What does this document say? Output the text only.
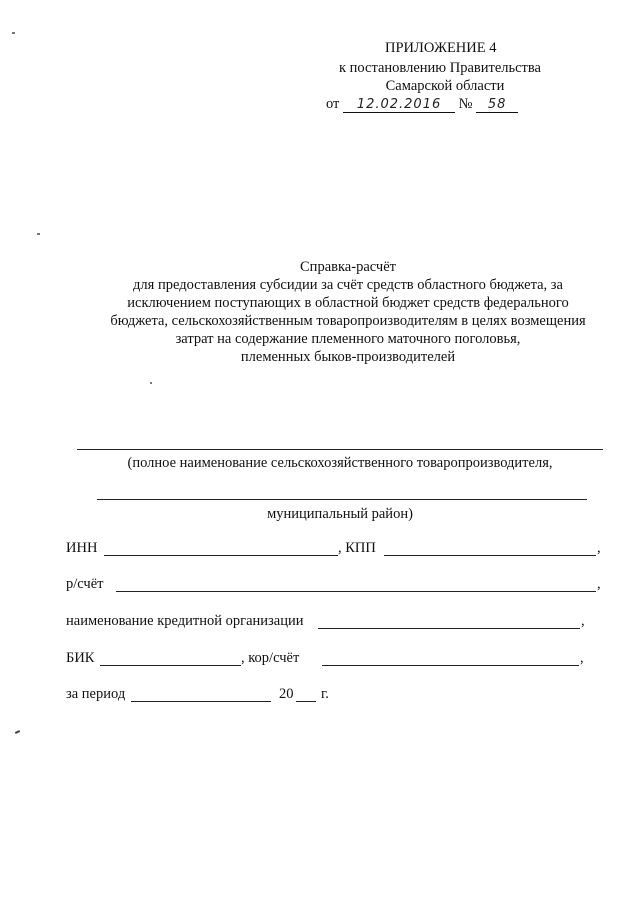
ПРИЛОЖЕНИЕ 4
к постановлению Правительства
Самарской области
от 12.02.2016 № 58
Справка-расчёт
для предоставления субсидии за счёт средств областного бюджета, за
исключением поступающих в областной бюджет средств федерального
бюджета, сельскохозяйственным товаропроизводителям в целях возмещения
затрат на содержание племенного маточного поголовья,
племенных быков-производителей
(полное наименование сельскохозяйственного товаропроизводителя,
муниципальный район)
ИНН	, КПП	,
р/счёт	,
наименование кредитной организации	,
БИК	, кор/счёт	,
за период	20 г.
